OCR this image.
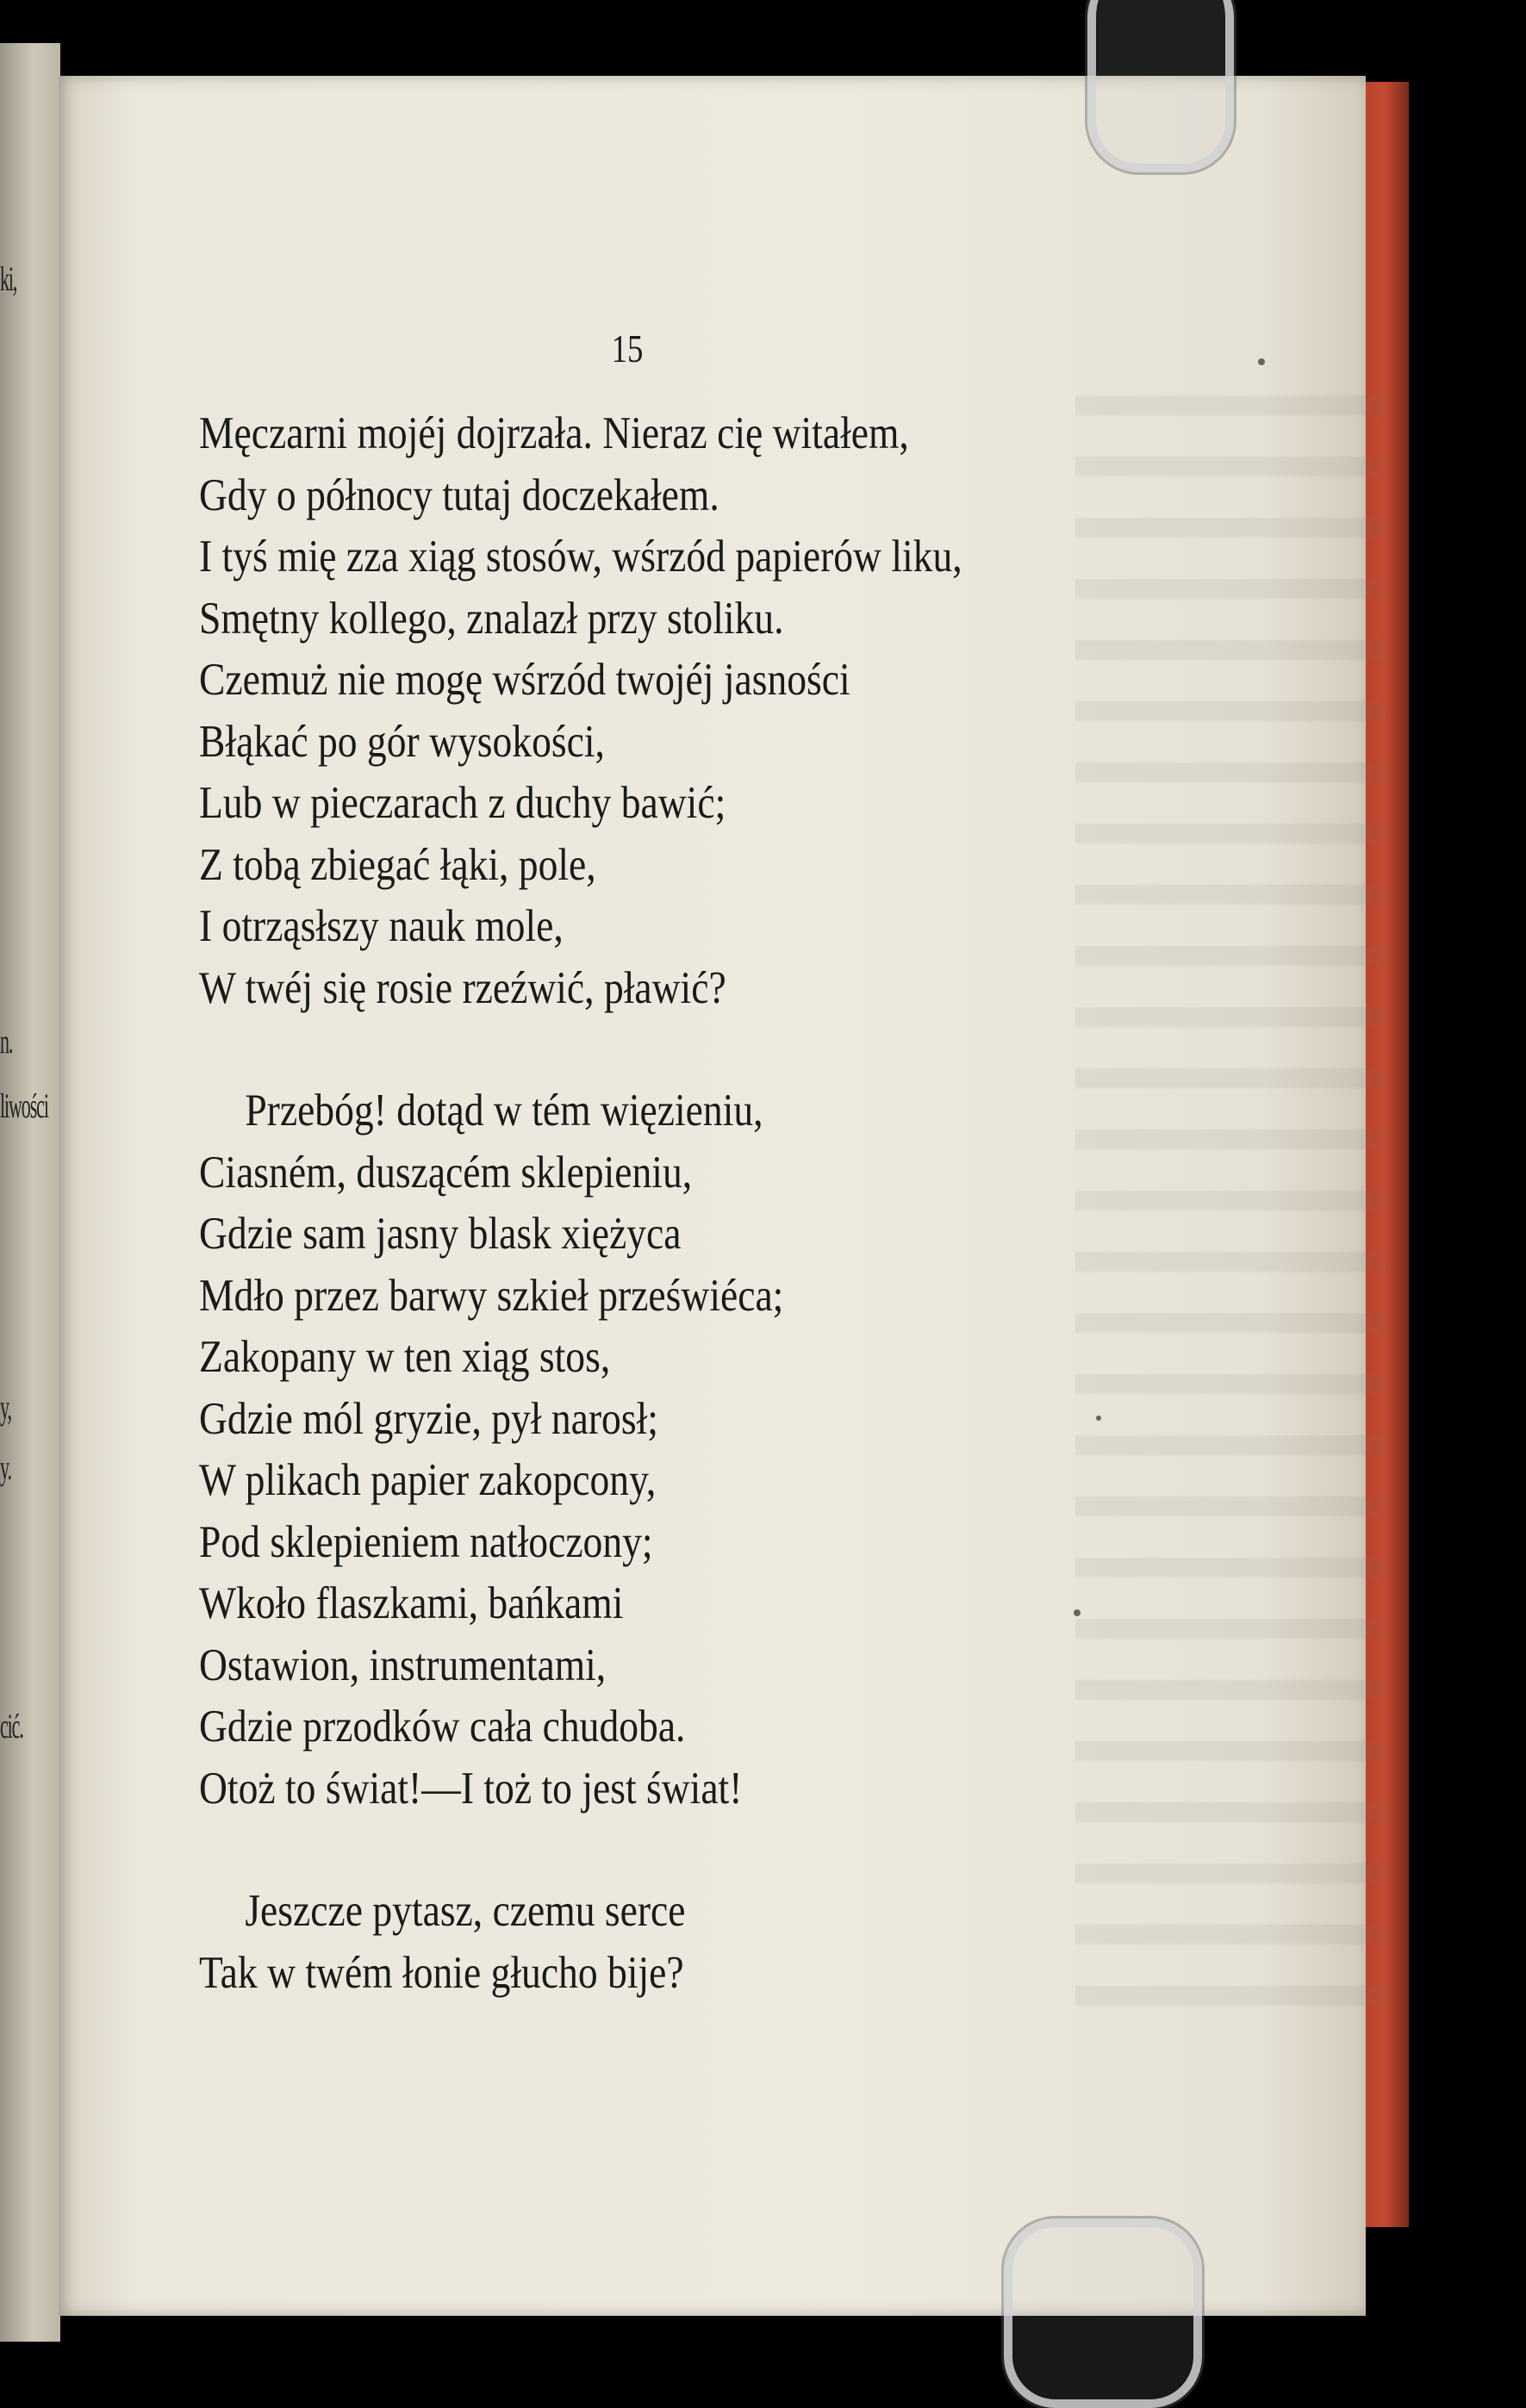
ki,
n.
liwości
y,
y.
cić.
15
Męczarni mojéj dojrzała. Nieraz cię witałem,
Gdy o północy tutaj doczekałem.
I tyś mię zza xiąg stosów, wśrzód papierów liku,
Smętny kollego, znalazł przy stoliku.
Czemuż nie mogę wśrzód twojéj jasności
Błąkać po gór wysokości,
Lub w pieczarach z duchy bawić;
Z tobą zbiegać łąki, pole,
I otrząsłszy nauk mole,
W twéj się rosie rzeźwić, pławić?
Przebóg! dotąd w tém więzieniu,
Ciasném, duszącém sklepieniu,
Gdzie sam jasny blask xiężyca
Mdło przez barwy szkieł przeświéca;
Zakopany w ten xiąg stos,
Gdzie mól gryzie, pył narosł;
W plikach papier zakopcony,
Pod sklepieniem natłoczony;
Wkoło flaszkami, bańkami
Ostawion, instrumentami,
Gdzie przodków cała chudoba.
Otoż to świat!—I toż to jest świat!
Jeszcze pytasz, czemu serce
Tak w twém łonie głucho bije?
